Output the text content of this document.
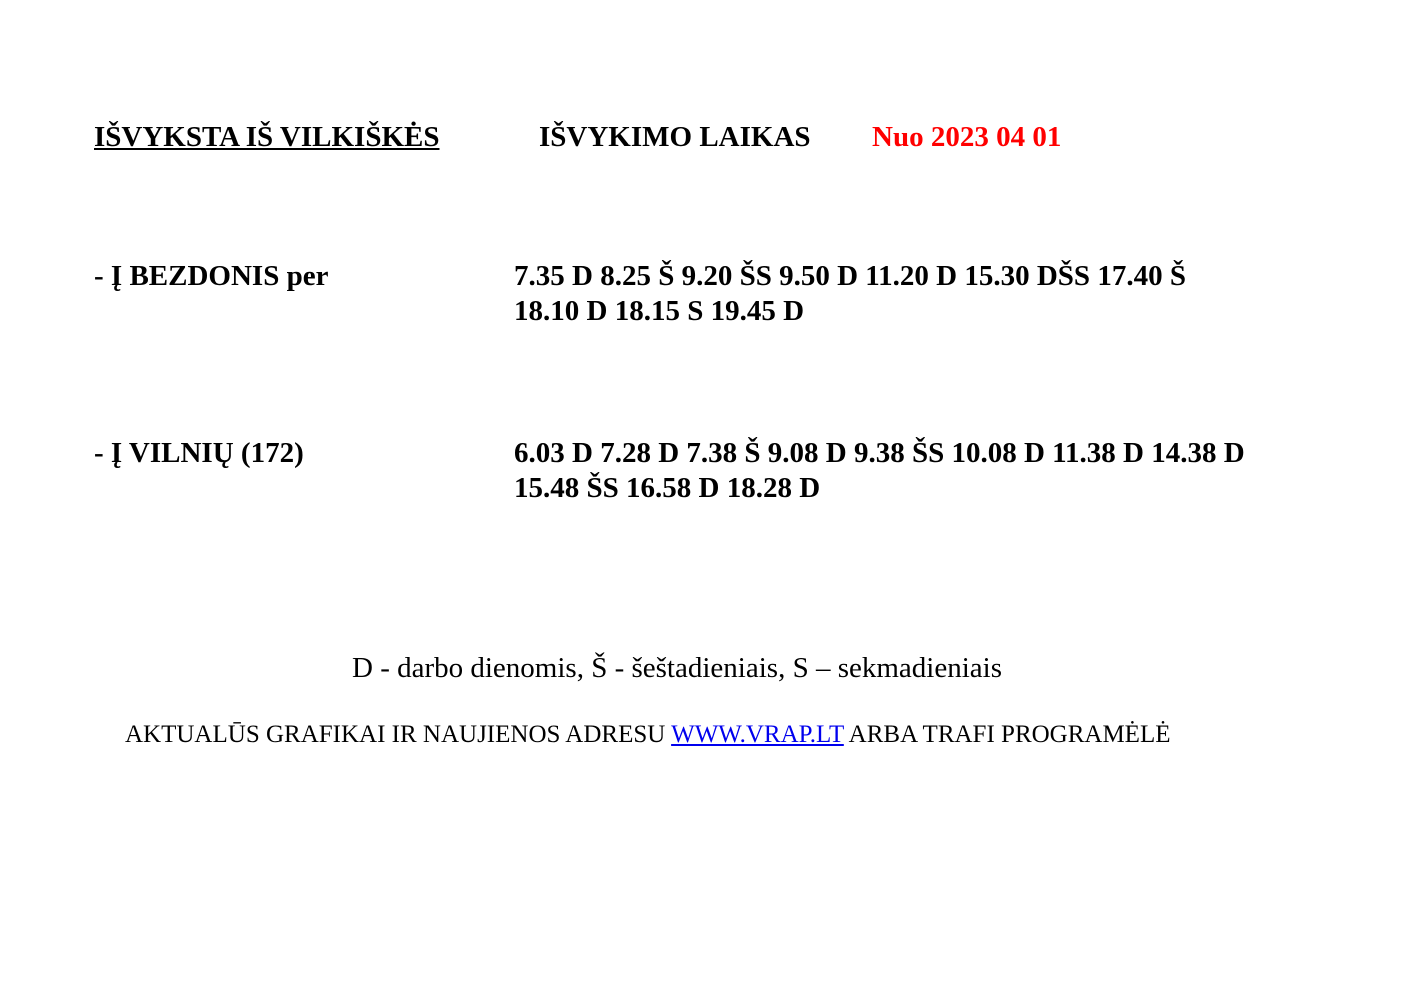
IŠVYKSTA IŠ VILKIŠKĖS	IŠVYKIMO LAIKAS Nuo 2023 04 01
- Į BEZDONIS per	7.35 D 8.25 Š 9.20 ŠS 9.50 D 11.20 D 15.30 DŠS 17.40 Š
18.10 D 18.15 S 19.45 D
- Į VILNIŲ (172)	6.03 D 7.28 D 7.38 Š 9.08 D 9.38 ŠS 10.08 D 11.38 D 14.38 D
15.48 ŠS 16.58 D 18.28 D
D - darbo dienomis, Š - šeštadieniais, S – sekmadieniais
AKTUALŪS GRAFIKAI IR NAUJIENOS ADRESU WWW.VRAP.LT ARBA TRAFI PROGRAMĖLĖ
